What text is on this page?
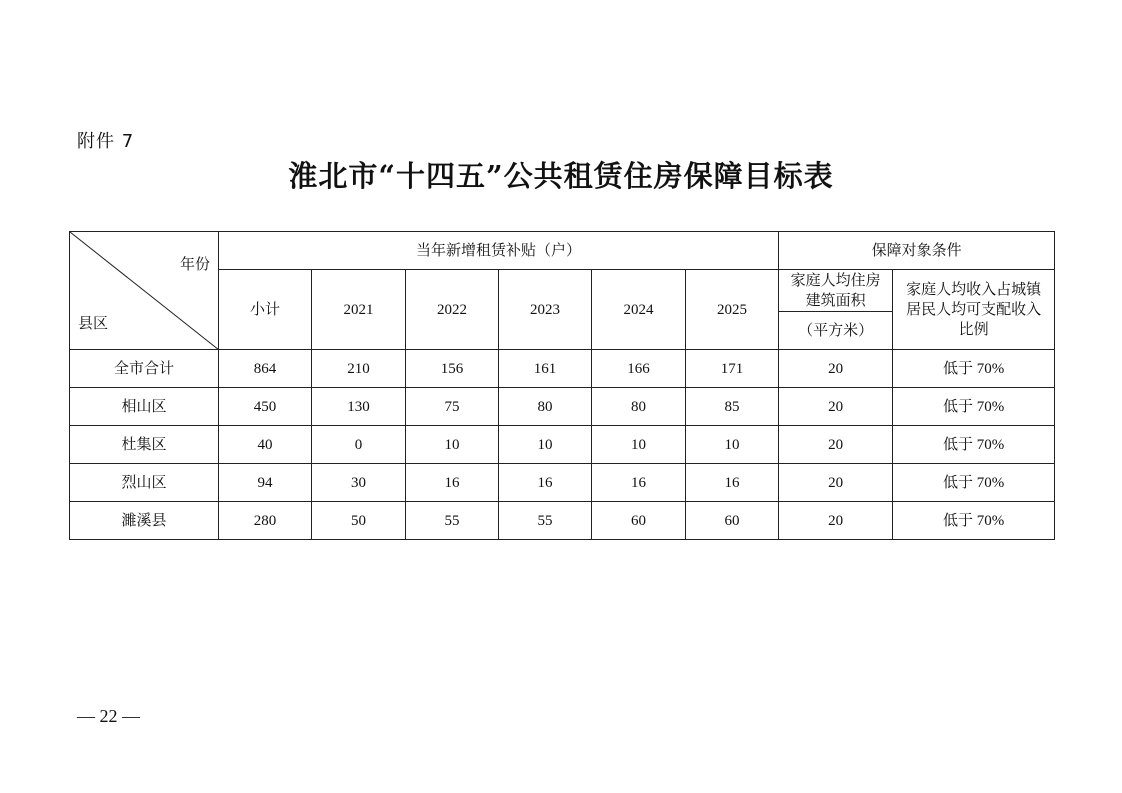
附件 7
淮北市“十四五”公共租赁住房保障目标表
年份
县区	当年新增租赁补贴（户）						保障对象条件	
	小计	2021	2022	2023	2024	2025	家庭人均住房建筑面积	家庭人均收入占城镇居民人均可支配收入比例
							（平方米）	
全市合计	864	210	156	161	166	171	20	低于 70%
相山区	450	130	75	80	80	85	20	低于 70%
杜集区	40	0	10	10	10	10	20	低于 70%
烈山区	94	30	16	16	16	16	20	低于 70%
濉溪县	280	50	55	55	60	60	20	低于 70%
— 22 —
